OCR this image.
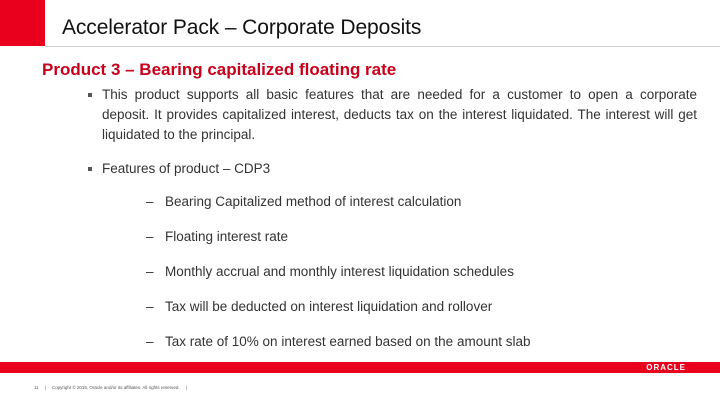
Accelerator Pack – Corporate Deposits
Product 3 – Bearing capitalized floating rate
This product supports all basic features that are needed for a customer to open a corporate deposit. It provides capitalized interest, deducts tax on the interest liquidated. The interest will get liquidated to the principal.
Features of product – CDP3
– Bearing Capitalized method of interest calculation
– Floating interest rate
– Monthly accrual and monthly interest liquidation schedules
– Tax will be deducted on interest liquidation and rollover
– Tax rate of 10% on interest earned based on the amount slab
ORACLE
11 | Copyright © 2015, Oracle and/or its affiliates. All rights reserved. |
